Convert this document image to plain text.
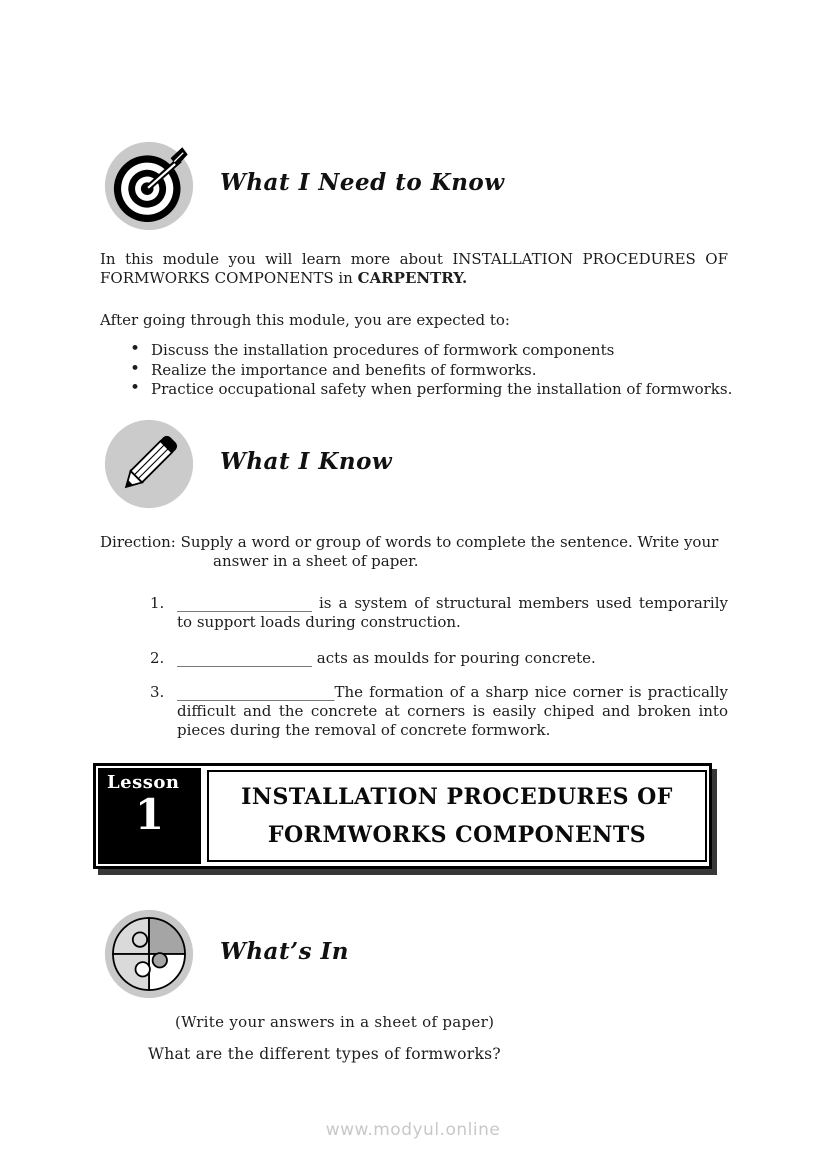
What I Need to Know

In this module you will learn more about INSTALLATION PROCEDURES OF FORMWORKS COMPONENTS in CARPENTRY.

After going through this module, you are expected to:

• Discuss the installation procedures of formwork components
• Realize the importance and benefits of formworks.
• Practice occupational safety when performing the installation of formworks.
What I Know
Direction: Supply a word or group of words to complete the sentence. Write your
answer in a sheet of paper.
1. __________________ is a system of structural members used temporarily to support loads during construction.
2. __________________ acts as moulds for pouring concrete.
3. _____________________The formation of a sharp nice corner is practically difficult and the concrete at corners is easily chiped and broken into pieces during the removal of concrete formwork.
Lesson
1	INSTALLATION PROCEDURES OF
FORMWORKS COMPONENTS
What’s In
(Write your answers in a sheet of paper)
What are the different types of formworks?
www.modyul.online
